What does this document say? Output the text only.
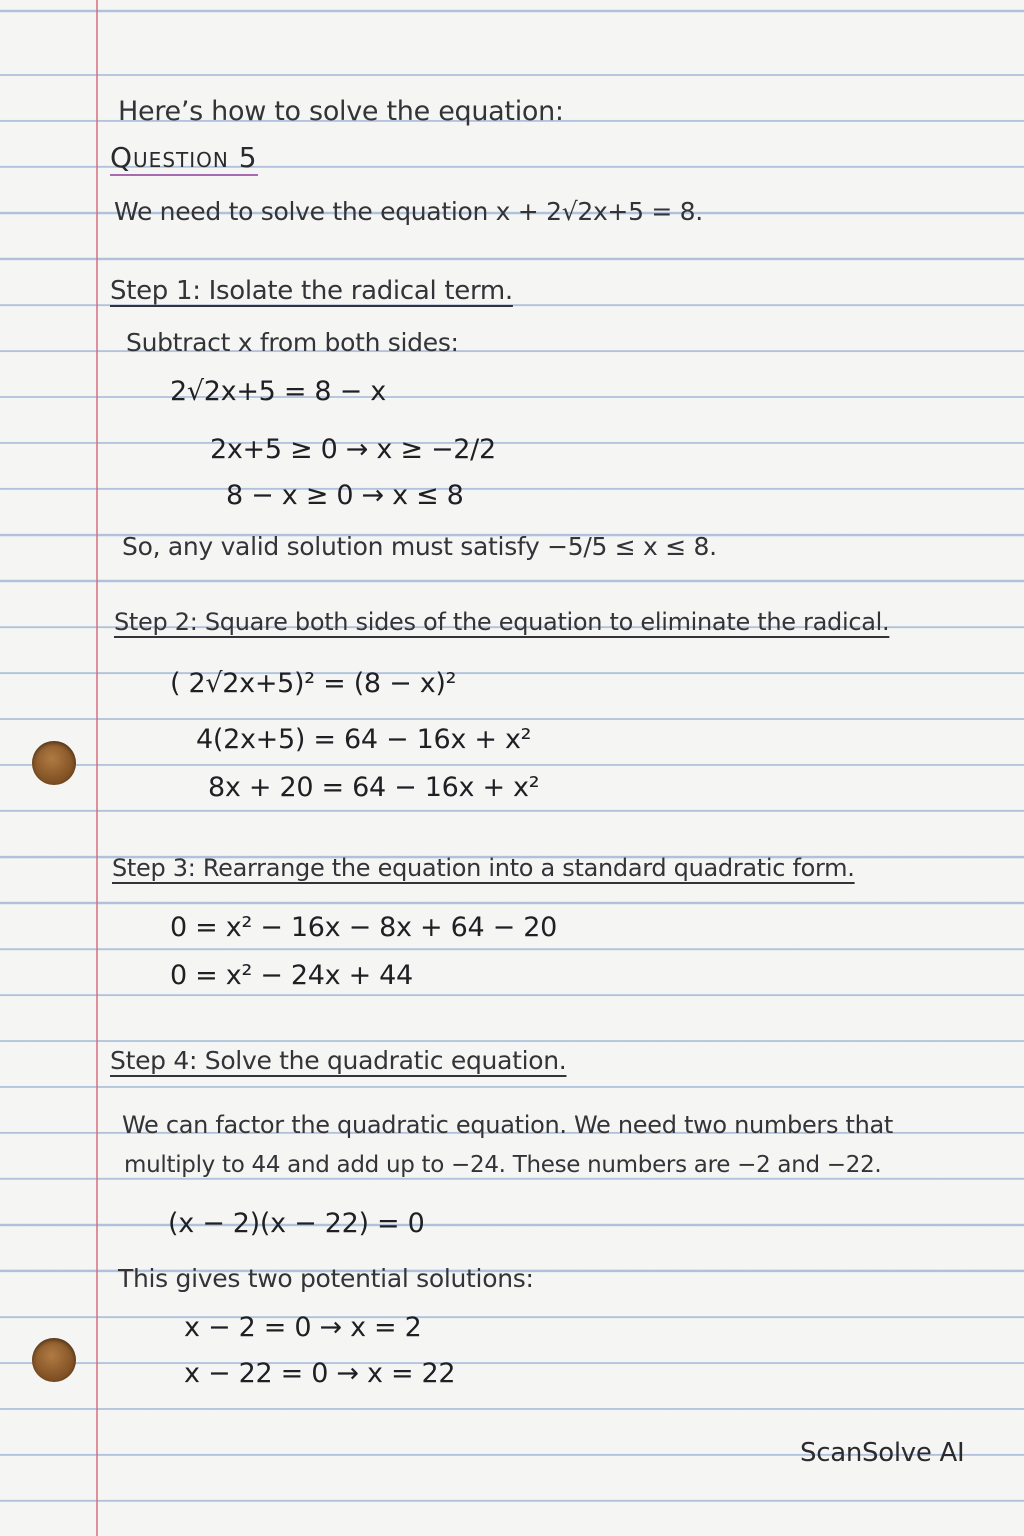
Here’s how to solve the equation:
Question 5
We need to solve the equation x + 2√2x+5 = 8.
Step 1: Isolate the radical term.
Subtract x from both sides:
2√2x+5 = 8 − x
2x+5 ≥ 0 → x ≥ −2/2
8 − x ≥ 0 → x ≤ 8
So, any valid solution must satisfy −5/5 ≤ x ≤ 8.
Step 2: Square both sides of the equation to eliminate the radical.
( 2√2x+5)² = (8 − x)²
4(2x+5) = 64 − 16x + x²
8x + 20 = 64 − 16x + x²
Step 3: Rearrange the equation into a standard quadratic form.
0 = x² − 16x − 8x + 64 − 20
0 = x² − 24x + 44
Step 4: Solve the quadratic equation.
We can factor the quadratic equation. We need two numbers that
multiply to 44 and add up to −24. These numbers are −2 and −22.
(x − 2)(x − 22) = 0
This gives two potential solutions:
x − 2 = 0 → x = 2
x − 22 = 0 → x = 22
ScanSolve AI
